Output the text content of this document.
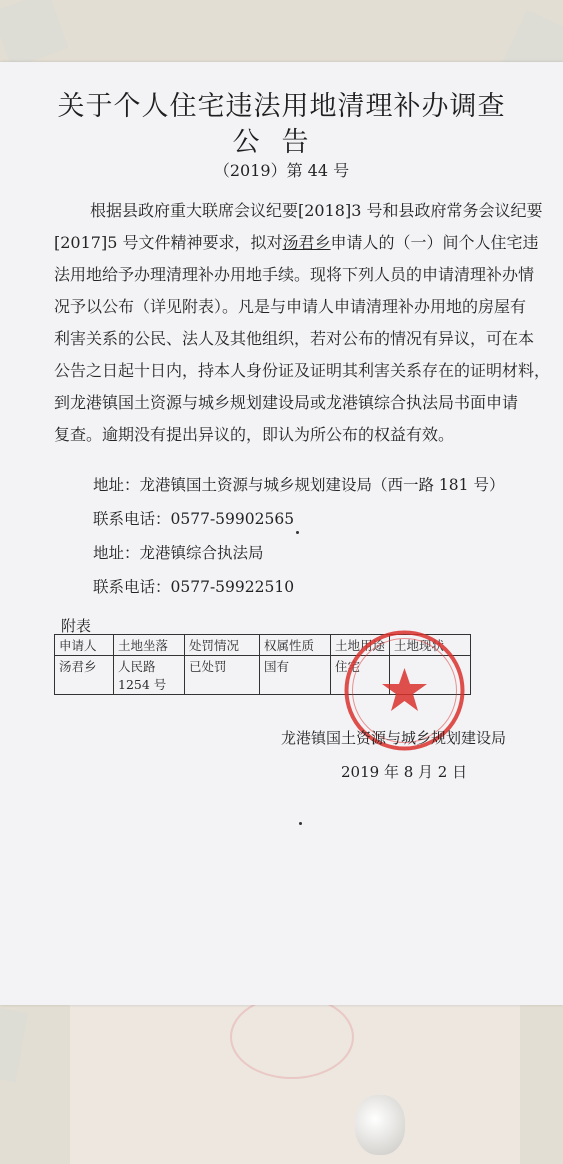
关于个人住宅违法用地清理补办调查
公告
（2019）第 44 号
根据县政府重大联席会议纪要[2018]3 号和县政府常务会议纪要
[2017]5 号文件精神要求，拟对汤君乡申请人的（一）间个人住宅违
法用地给予办理清理补办用地手续。现将下列人员的申请清理补办情
况予以公布（详见附表）。凡是与申请人申请清理补办用地的房屋有
利害关系的公民、法人及其他组织，若对公布的情况有异议，可在本
公告之日起十日内，持本人身份证及证明其利害关系存在的证明材料，
到龙港镇国土资源与城乡规划建设局或龙港镇综合执法局书面申请
复查。逾期没有提出异议的，即认为所公布的权益有效。
地址：龙港镇国土资源与城乡规划建设局（西一路 181 号）
联系电话：0577-59902565
地址：龙港镇综合执法局
联系电话：0577-59922510
附表
申请人	土地坐落	处罚情况	权属性质	土地用途	土地现状
汤君乡	人民路 1254 号	已处罚	国有	住宅	
龙港镇国土资源与城乡规划建设局
2019 年 8 月 2 日
